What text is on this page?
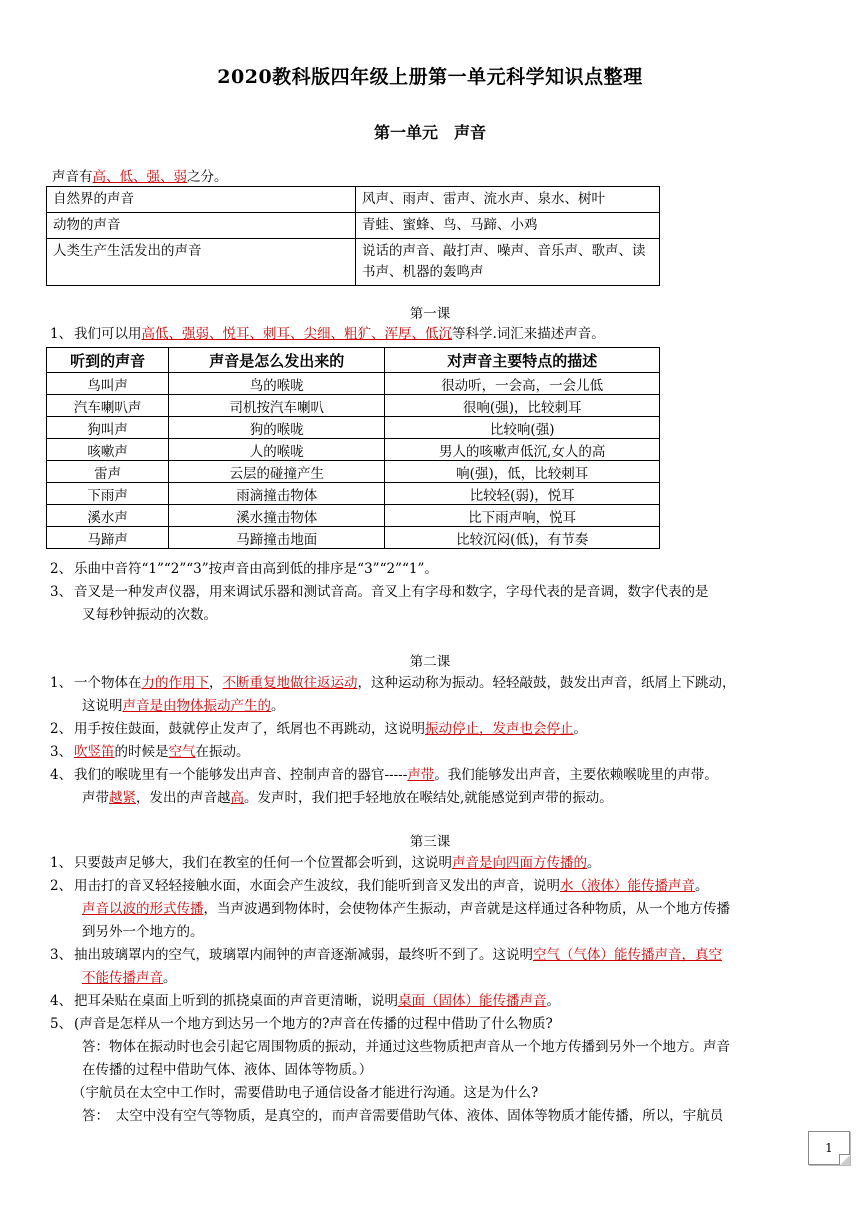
2020教科版四年级上册第一单元科学知识点整理
第一单元　声音
声音有高、低、强、弱之分。
自然界的声音	风声、雨声、雷声、流水声、泉水、树叶
动物的声音	青蛙、蜜蜂、鸟、马蹄、小鸡
人类生产生活发出的声音	说话的声音、敲打声、噪声、音乐声、歌声、读书声、机器的轰鸣声
第一课
1、 我们可以用高低、强弱、悦耳、刺耳、尖细、粗犷、浑厚、低沉等科学.词汇来描述声音。
听到的声音	声音是怎么发出来的	对声音主要特点的描述
鸟叫声	鸟的喉咙	很动听，一会高，一会儿低
汽车喇叭声	司机按汽车喇叭	很响(强)，比较刺耳
狗叫声	狗的喉咙	比较响(强)
咳嗽声	人的喉咙	男人的咳嗽声低沉,女人的高
雷声	云层的碰撞产生	响(强)，低，比较刺耳
下雨声	雨滴撞击物体	比较轻(弱)，悦耳
溪水声	溪水撞击物体	比下雨声响，悦耳
马蹄声	马蹄撞击地面	比较沉闷(低)，有节奏
2、 乐曲中音符“1”“2”“3”按声音由高到低的排序是“3”“2”“1”。
3、 音叉是一种发声仪器，用来调试乐器和测试音高。音叉上有字母和数字，字母代表的是音调，数字代表的是
叉每秒钟振动的次数。
第二课
1、 一个物体在力的作用下，不断重复地做往返运动，这种运动称为振动。轻轻敲鼓，鼓发出声音，纸屑上下跳动，
这说明声音是由物体振动产生的。
2、 用手按住鼓面，鼓就停止发声了，纸屑也不再跳动，这说明振动停止，发声也会停止。
3、 吹竖笛的时候是空气在振动。
4、 我们的喉咙里有一个能够发出声音、控制声音的器官-----声带。我们能够发出声音，主要依赖喉咙里的声带。
声带越紧，发出的声音越高。发声时，我们把手轻地放在喉结处,就能感觉到声带的振动。
第三课
1、 只要鼓声足够大，我们在教室的任何一个位置都会听到，这说明声音是向四面方传播的。
2、 用击打的音叉轻轻接触水面，水面会产生波纹，我们能听到音叉发出的声音，说明水（液体）能传播声音。
声音以波的形式传播，当声波遇到物体时，会使物体产生振动，声音就是这样通过各种物质，从一个地方传播
到另外一个地方的。
3、 抽出玻璃罩内的空气，玻璃罩内闹钟的声音逐渐减弱，最终听不到了。这说明空气（气体）能传播声音，真空
不能传播声音。
4、 把耳朵贴在桌面上听到的抓挠桌面的声音更清晰，说明桌面（固体）能传播声音。
5、 (声音是怎样从一个地方到达另一个地方的?声音在传播的过程中借助了什么物质?
答：物体在振动时也会引起它周围物质的振动，并通过这些物质把声音从一个地方传播到另外一个地方。声音
在传播的过程中借助气体、液体、固体等物质。）
（宇航员在太空中工作时，需要借助电子通信设备才能进行沟通。这是为什么?
答：　太空中没有空气等物质，是真空的，而声音需要借助气体、液体、固体等物质才能传播，所以，宇航员
1
